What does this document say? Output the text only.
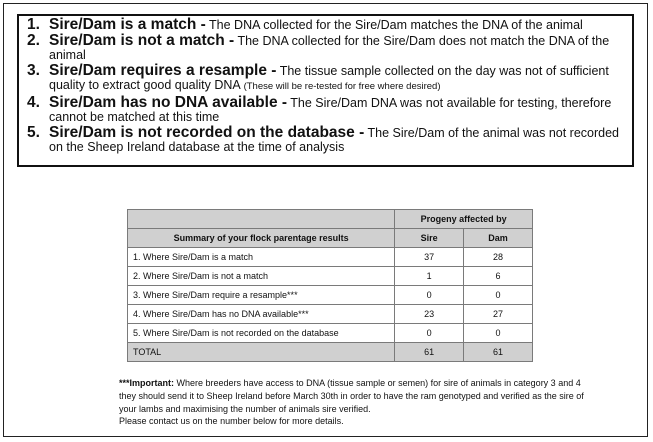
1. Sire/Dam is a match - The DNA collected for the Sire/Dam matches the DNA of the animal
2. Sire/Dam is not a match - The DNA collected for the Sire/Dam does not match the DNA of the animal
3. Sire/Dam requires a resample - The tissue sample collected on the day was not of sufficient quality to extract good quality DNA (These will be re-tested for free where desired)
4. Sire/Dam has no DNA available - The Sire/Dam DNA was not available for testing, therefore cannot be matched at this time
5. Sire/Dam is not recorded on the database - The Sire/Dam of the animal was not recorded on the Sheep Ireland database at the time of analysis
	Progeny affected by	
Summary of your flock parentage results	Sire	Dam
1. Where Sire/Dam is a match	37	28
2. Where Sire/Dam is not a match	1	6
3. Where Sire/Dam require a resample***	0	0
4. Where Sire/Dam has no DNA available***	23	27
5. Where Sire/Dam is not recorded on the database	0	0
TOTAL	61	61
***Important: Where breeders have access to DNA (tissue sample or semen) for sire of animals in category 3 and 4 they should send it to Sheep Ireland before March 30th in order to have the ram genotyped and verified as the sire of your lambs and maximising the number of animals sire verified.
Please contact us on the number below for more details.
